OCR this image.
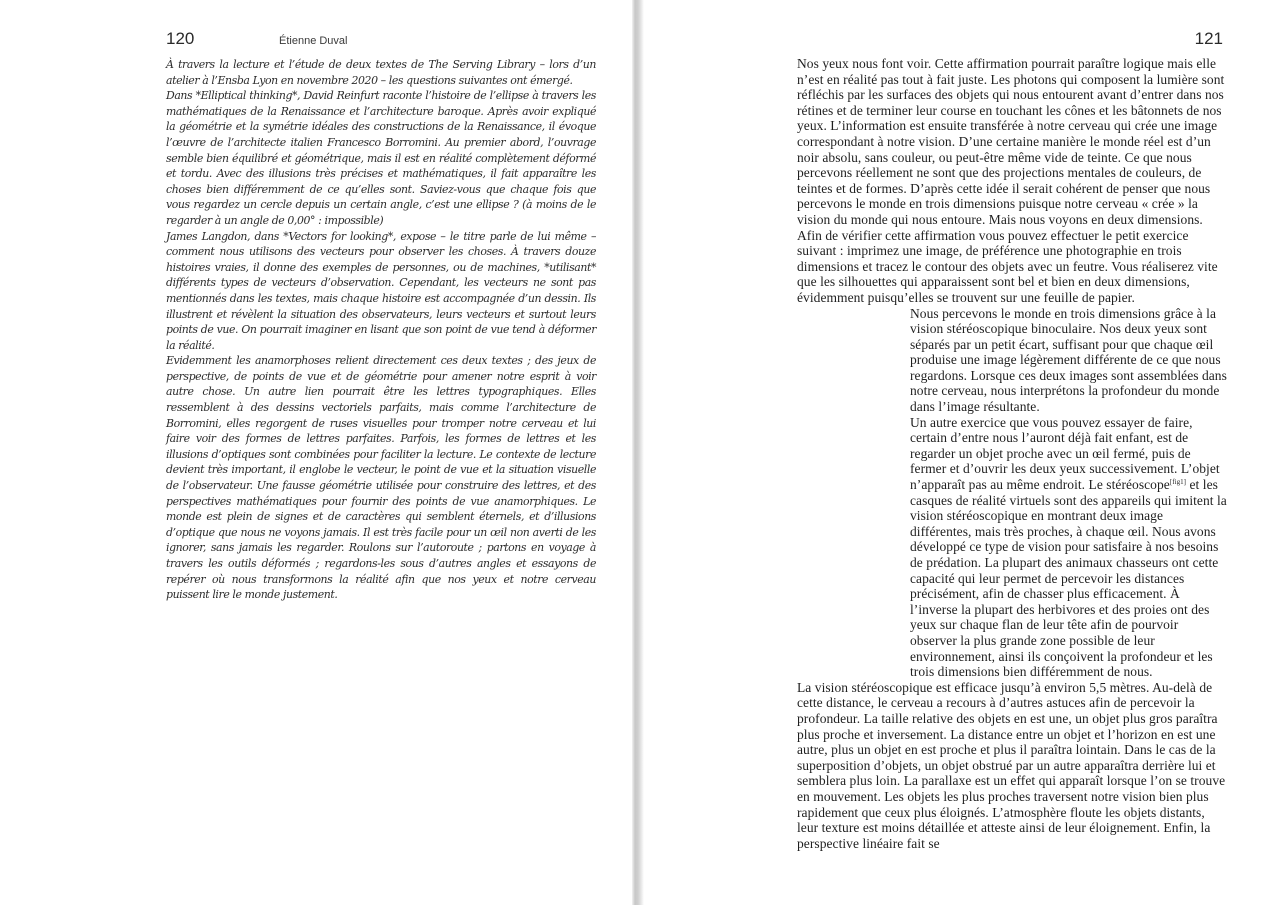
120	Étienne Duval

À travers la lecture et l’étude de deux textes de The Serving Library – lors d’un atelier à l’Ensba Lyon en novembre 2020 – les questions suivantes ont émergé.

Dans *Elliptical thinking*, David Reinfurt raconte l’histoire de l’ellipse à travers les mathématiques de la Renaissance et l’architecture baroque. Après avoir expliqué la géométrie et la symétrie idéales des constructions de la Renaissance, il évoque l’œuvre de l’architecte italien Francesco Borromini. Au premier abord, l’ouvrage semble bien équilibré et géométrique, mais il est en réalité complètement déformé et tordu. Avec des illusions très précises et mathématiques, il fait apparaître les choses bien différemment de ce qu’elles sont. Saviez-vous que chaque fois que vous regardez un cercle depuis un certain angle, c’est une ellipse ? (à moins de le regarder à un angle de 0,00° : impossible)

James Langdon, dans *Vectors for looking*, expose – le titre parle de lui même – comment nous utilisons des vecteurs pour observer les choses. À travers douze histoires vraies, il donne des exemples de personnes, ou de machines, *utilisant* différents types de vecteurs d’observation. Cependant, les vecteurs ne sont pas mentionnés dans les textes, mais chaque histoire est accompagnée d’un dessin. Ils illustrent et révèlent la situation des observateurs, leurs vecteurs et surtout leurs points de vue. On pourrait imaginer en lisant que son point de vue tend à déformer la réalité.

Evidemment les anamorphoses relient directement ces deux textes ; des jeux de perspective, de points de vue et de géométrie pour amener notre esprit à voir autre chose. Un autre lien pourrait être les lettres typographiques. Elles ressemblent à des dessins vectoriels parfaits, mais comme l’architecture de Borromini, elles regorgent de ruses visuelles pour tromper notre cerveau et lui faire voir des formes de lettres parfaites. Parfois, les formes de lettres et les illusions d’optiques sont combinées pour faciliter la lecture. Le contexte de lecture devient très important, il englobe le vecteur, le point de vue et la situation visuelle de l’observateur. Une fausse géométrie utilisée pour construire des lettres, et des perspectives mathématiques pour fournir des points de vue anamorphiques. Le monde est plein de signes et de caractères qui semblent éternels, et d’illusions d’optique que nous ne voyons jamais. Il est très facile pour un œil non averti de les ignorer, sans jamais les regarder. Roulons sur l’autoroute ; partons en voyage à travers les outils déformés ; regardons-les sous d’autres angles et essayons de repérer où nous transformons la réalité afin que nos yeux et notre cerveau puissent lire le monde justement.

121

Nos yeux nous font voir. Cette affirmation pourrait paraître logique mais elle n’est en réalité pas tout à fait juste. Les photons qui composent la lumière sont réfléchis par les surfaces des objets qui nous entourent avant d’entrer dans nos rétines et de terminer leur course en touchant les cônes et les bâtonnets de nos yeux. L’information est ensuite transférée à notre cerveau qui crée une image correspondant à notre vision. D’une certaine manière le monde réel est d’un noir absolu, sans couleur, ou peut-être même vide de teinte. Ce que nous percevons réellement ne sont que des projections mentales de couleurs, de teintes et de formes. D’après cette idée il serait cohérent de penser que nous percevons le monde en trois dimensions puisque notre cerveau « crée » la vision du monde qui nous entoure. Mais nous voyons en deux dimensions. Afin de vérifier cette affirmation vous pouvez effectuer le petit exercice suivant : imprimez une image, de préférence une photographie en trois dimensions et tracez le contour des objets avec un feutre. Vous réaliserez vite que les silhouettes qui apparaissent sont bel et bien en deux dimensions, évidemment puisqu’elles se trouvent sur une feuille de papier.

Nous percevons le monde en trois dimensions grâce à la vision stéréoscopique binoculaire. Nos deux yeux sont séparés par un petit écart, suffisant pour que chaque œil produise une image légèrement différente de ce que nous regardons. Lorsque ces deux images sont assemblées dans notre cerveau, nous interprétons la profondeur du monde dans l’image résultante.

Un autre exercice que vous pouvez essayer de faire, certain d’entre nous l’auront déjà fait enfant, est de regarder un objet proche avec un œil fermé, puis de fermer et d’ouvrir les deux yeux successivement. L’objet n’apparaît pas au même endroit. Le stéréoscope[fig1] et les casques de réalité virtuels sont des appareils qui imitent la vision stéréoscopique en montrant deux image différentes, mais très proches, à chaque œil. Nous avons développé ce type de vision pour satisfaire à nos besoins de prédation. La plupart des animaux chasseurs ont cette capacité qui leur permet de percevoir les distances précisément, afin de chasser plus efficacement. À l’inverse la plupart des herbivores et des proies ont des yeux sur chaque flan de leur tête afin de pourvoir observer la plus grande zone possible de leur environnement, ainsi ils conçoivent la profondeur et les trois dimensions bien différemment de nous.

La vision stéréoscopique est efficace jusqu’à environ 5,5 mètres. Au-delà de cette distance, le cerveau a recours à d’autres astuces afin de percevoir la profondeur. La taille relative des objets en est une, un objet plus gros paraîtra plus proche et inversement. La distance entre un objet et l’horizon en est une autre, plus un objet en est proche et plus il paraîtra lointain. Dans le cas de la superposition d’objets, un objet obstrué par un autre apparaîtra derrière lui et semblera plus loin. La parallaxe est un effet qui apparaît lorsque l’on se trouve en mouvement. Les objets les plus proches traversent notre vision bien plus rapidement que ceux plus éloignés. L’atmosphère floute les objets distants, leur texture est moins détaillée et atteste ainsi de leur éloignement. Enfin, la perspective linéaire fait se
